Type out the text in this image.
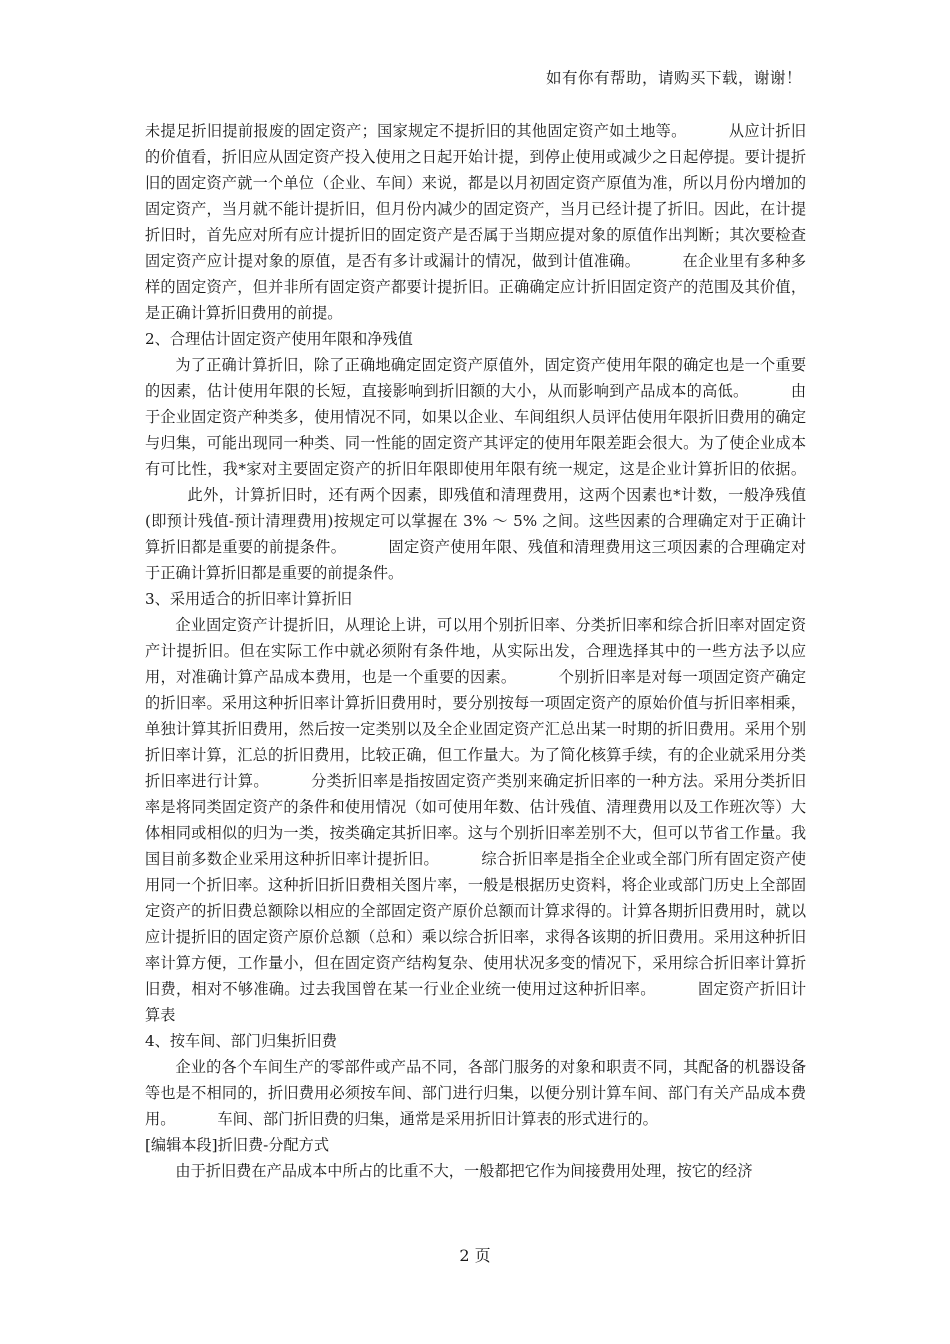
如有你有帮助，请购买下载，谢谢！

未提足折旧提前报废的固定资产；国家规定不提折旧的其他固定资产如土地等。	从应计折旧的价值看，折旧应从固定资产投入使用之日起开始计提，到停止使用或减少之日起停提。要计提折旧的固定资产就一个单位（企业、车间）来说，都是以月初固定资产原值为准，所以月份内增加的固定资产，当月就不能计提折旧，但月份内减少的固定资产，当月已经计提了折旧。因此，在计提折旧时，首先应对所有应计提折旧的固定资产是否属于当期应提对象的原值作出判断；其次要检查固定资产应计提对象的原值，是否有多计或漏计的情况，做到计值准确。	在企业里有多种多样的固定资产，但并非所有固定资产都要计提折旧。正确确定应计折旧固定资产的范围及其价值，是正确计算折旧费用的前提。

2、合理估计固定资产使用年限和净残值

为了正确计算折旧，除了正确地确定固定资产原值外，固定资产使用年限的确定也是一个重要的因素，估计使用年限的长短，直接影响到折旧额的大小，从而影响到产品成本的高低。	由于企业固定资产种类多，使用情况不同，如果以企业、车间组织人员评估使用年限折旧费用的确定与归集，可能出现同一种类、同一性能的固定资产其评定的使用年限差距会很大。为了使企业成本有可比性，我*家对主要固定资产的折旧年限即使用年限有统一规定，这是企业计算折旧的依据。此外，计算折旧时，还有两个因素，即残值和清理费用，这两个因素也*计数，一般净残值(即预计残值-预计清理费用)按规定可以掌握在 3% ～ 5% 之间。这些因素的合理确定对于正确计算折旧都是重要的前提条件。	固定资产使用年限、残值和清理费用这三项因素的合理确定对于正确计算折旧都是重要的前提条件。

3、采用适合的折旧率计算折旧

企业固定资产计提折旧，从理论上讲，可以用个别折旧率、分类折旧率和综合折旧率对固定资产计提折旧。但在实际工作中就必须附有条件地，从实际出发，合理选择其中的一些方法予以应用，对准确计算产品成本费用，也是一个重要的因素。	个别折旧率是对每一项固定资产确定的折旧率。采用这种折旧率计算折旧费用时，要分别按每一项固定资产的原始价值与折旧率相乘，单独计算其折旧费用，然后按一定类别以及全企业固定资产汇总出某一时期的折旧费用。采用个别折旧率计算，汇总的折旧费用，比较正确，但工作量大。为了简化核算手续，有的企业就采用分类折旧率进行计算。	分类折旧率是指按固定资产类别来确定折旧率的一种方法。采用分类折旧率是将同类固定资产的条件和使用情况（如可使用年数、估计残值、清理费用以及工作班次等）大体相同或相似的归为一类，按类确定其折旧率。这与个别折旧率差别不大，但可以节省工作量。我国目前多数企业采用这种折旧率计提折旧。	综合折旧率是指全企业或全部门所有固定资产使用同一个折旧率。这种折旧折旧费相关图片率，一般是根据历史资料，将企业或部门历史上全部固定资产的折旧费总额除以相应的全部固定资产原价总额而计算求得的。计算各期折旧费用时，就以应计提折旧的固定资产原价总额（总和）乘以综合折旧率，求得各该期的折旧费用。采用这种折旧率计算方便，工作量小，但在固定资产结构复杂、使用状况多变的情况下，采用综合折旧率计算折旧费，相对不够准确。过去我国曾在某一行业企业统一使用过这种折旧率。	固定资产折旧计算表

4、按车间、部门归集折旧费

企业的各个车间生产的零部件或产品不同，各部门服务的对象和职责不同，其配备的机器设备等也是不相同的，折旧费用必须按车间、部门进行归集，以便分别计算车间、部门有关产品成本费用。	车间、部门折旧费的归集，通常是采用折旧计算表的形式进行的。

[编辑本段]折旧费-分配方式

由于折旧费在产品成本中所占的比重不大，一般都把它作为间接费用处理，按它的经济

2 页
